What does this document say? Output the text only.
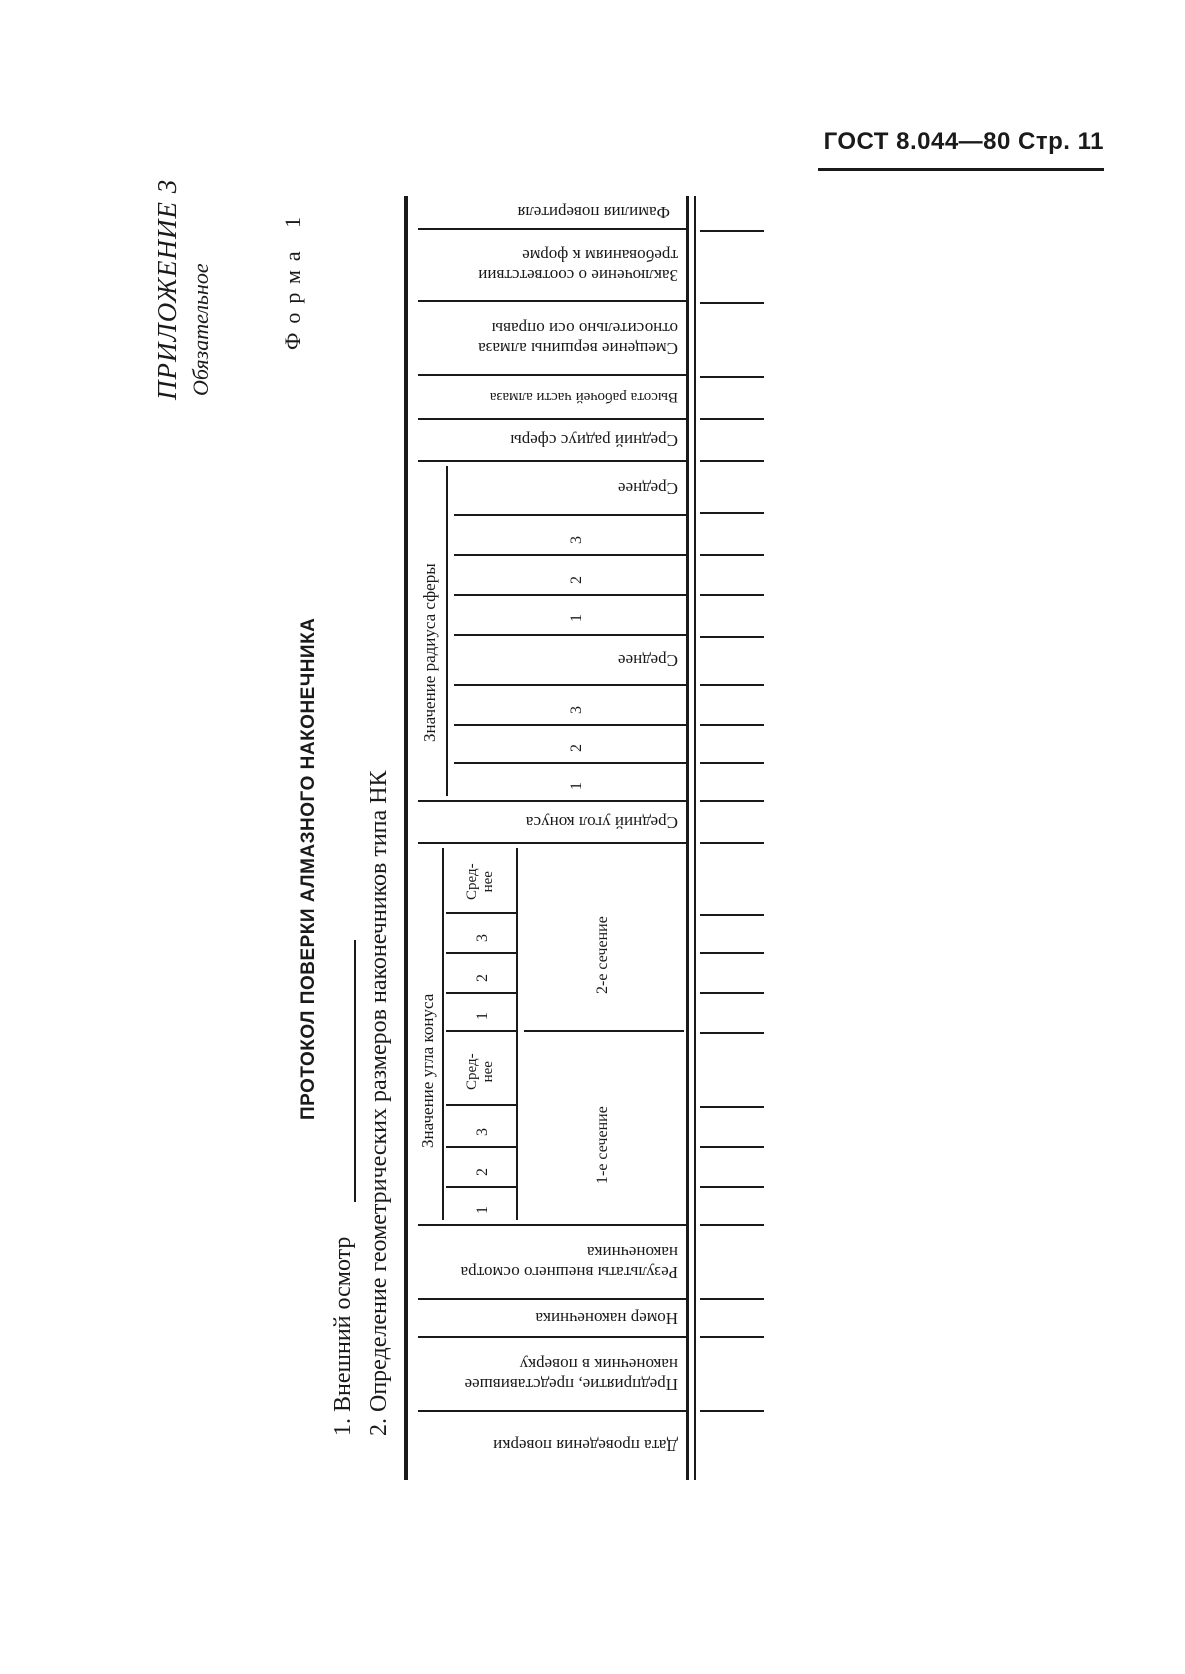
ГОСТ 8.044—80 Стр. 11
ПРИЛОЖЕНИЕ 3 Обязательное	Форма 1
ПРОТОКОЛ ПОВЕРКИ АЛМАЗНОГО НАКОНЕЧНИКА
1. Внешний осмотр 2. Определение геометрических размеров наконечников типа НК
Фамилия поверителя
Заключение о соответствии требованиям к форме
Смещение вершины алмаза относительно оси оправы
Высота рабочей части алмаза
Средний радиус сферы
Средний угол конуса
Результаты внешнего осмотра наконечника
Номер наконечника
Предприятие, представившее наконечник в поверку
Дата проведения поверки
Значение радиуса сферы
Среднее
3
2
1
Среднее
3
2
1
Значение угла конуса
Сред-
нее
3
2
1
Сред-
нее
3
2
1
2-е сечение
1-е сечение
